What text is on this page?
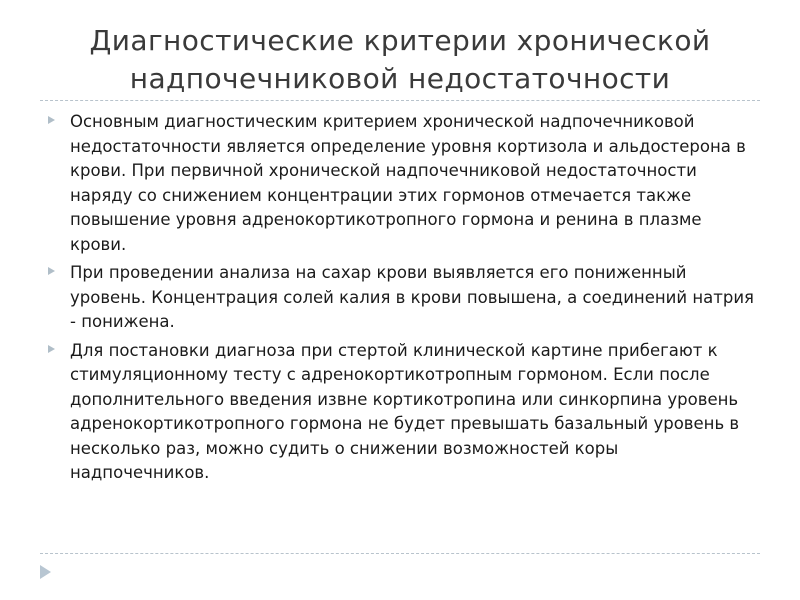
Диагностические критерии хронической надпочечниковой недостаточности
Основным диагностическим критерием хронической надпочечниковой недостаточности является определение уровня кортизола и альдостерона в крови. При первичной хронической надпочечниковой недостаточности наряду со снижением концентрации этих гормонов отмечается также повышение уровня адренокортикотропного гормона и ренина в плазме крови.
При проведении анализа на сахар крови выявляется его пониженный уровень. Концентрация солей калия в крови повышена, а соединений натрия - понижена.
Для постановки диагноза при стертой клинической картине прибегают к стимуляционному тесту с адренокортикотропным гормоном. Если после дополнительного введения извне кортикотропина или синкорпина уровень адренокортикотропного гормона не будет превышать базальный уровень в несколько раз, можно судить о снижении возможностей коры надпочечников.
